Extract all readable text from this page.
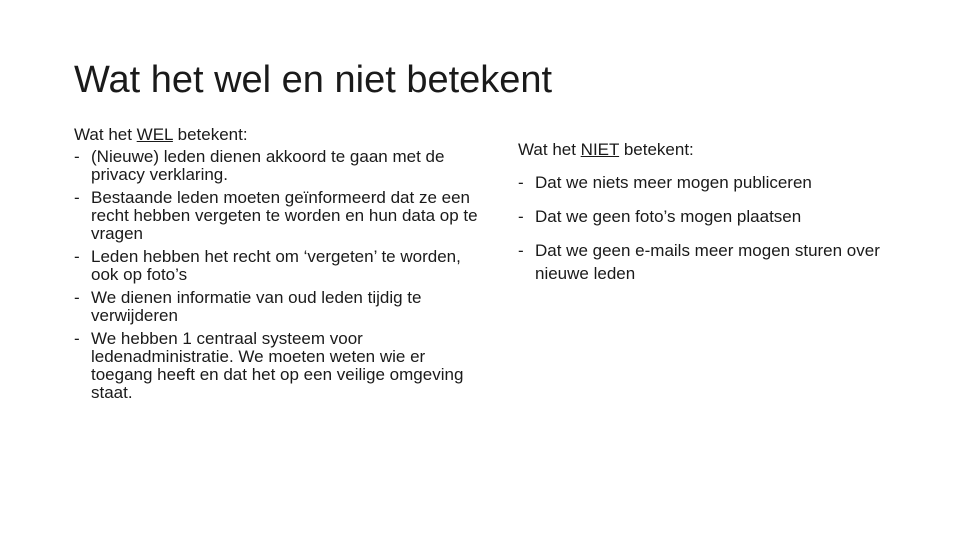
Wat het wel en niet betekent

Wat het WEL betekent:

- (Nieuwe) leden dienen akkoord te gaan met de privacy verklaring.
- Bestaande leden moeten geïnformeerd dat ze een recht hebben vergeten te worden en hun data op te vragen
- Leden hebben het recht om ‘vergeten’ te worden, ook op foto’s
- We dienen informatie van oud leden tijdig te verwijderen
- We hebben 1 centraal systeem voor ledenadministratie. We moeten weten wie er toegang heeft en dat het op een veilige omgeving staat.

Wat het NIET betekent:

- Dat we niets meer mogen publiceren
- Dat we geen foto’s mogen plaatsen
- Dat we geen e-mails meer mogen sturen over nieuwe leden
